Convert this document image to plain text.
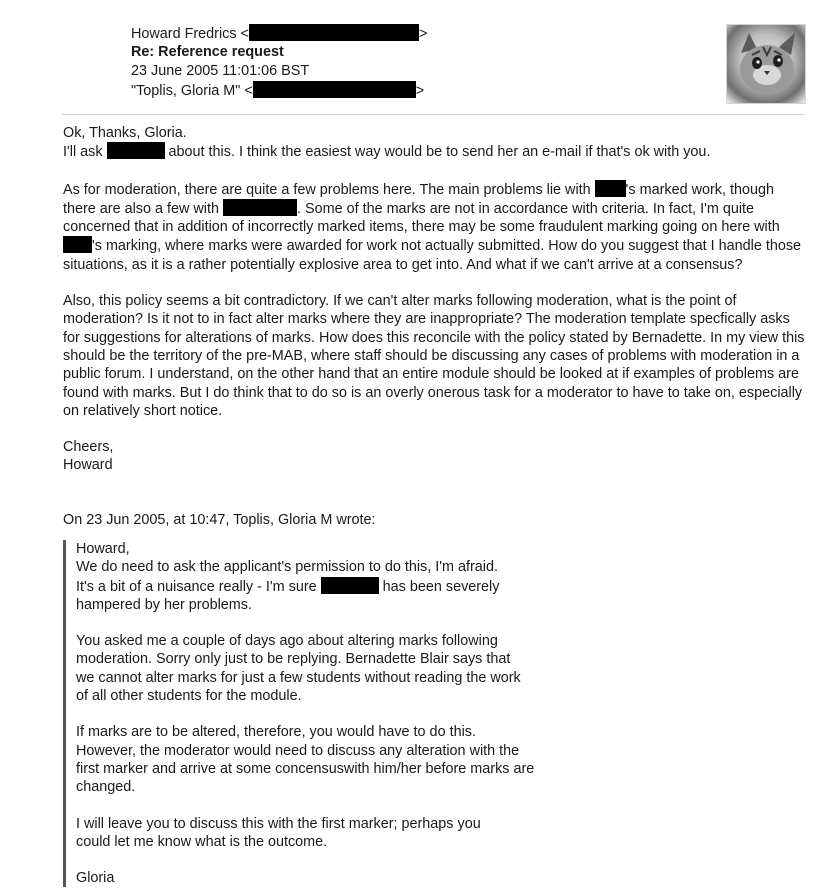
Howard Fredrics <	>
Re: Reference request
23 June 2005 11:01:06 BST
"Toplis, Gloria M" <	>

Ok, Thanks, Gloria.

I'll ask	about this. I think the easiest way would be to send her an e-mail if that's ok with you.

As for moderation, there are quite a few problems here. The main problems lie with 's marked work, though there are also a few with	. Some of the marks are not in accordance with criteria. In fact, I'm quite concerned that in addition of incorrectly marked items, there may be some fraudulent marking going on here with 's marking, where marks were awarded for work not actually submitted. How do you suggest that I handle those situations, as it is a rather potentially explosive area to get into. And what if we can't arrive at a consensus?

Also, this policy seems a bit contradictory. If we can't alter marks following moderation, what is the point of moderation? Is it not to in fact alter marks where they are inappropriate? The moderation template specfically asks for suggestions for alterations of marks. How does this reconcile with the policy stated by Bernadette. In my view this should be the territory of the pre-MAB, where staff should be discussing any cases of problems with moderation in a public forum. I understand, on the other hand that an entire module should be looked at if examples of problems are found with marks. But I do think that to do so is an overly onerous task for a moderator to have to take on, especially on relatively short notice.

Cheers,

Howard

On 23 Jun 2005, at 10:47, Toplis, Gloria M wrote:

Howard,

We do need to ask the applicant's permission to do this, I'm afraid.

It's a bit of a nuisance really - I'm sure	has been severely

hampered by her problems.

You asked me a couple of days ago about altering marks following

moderation. Sorry only just to be replying. Bernadette Blair says that

we cannot alter marks for just a few students without reading the work

of all other students for the module.

If marks are to be altered, therefore, you would have to do this.

However, the moderator would need to discuss any alteration with the

first marker and arrive at some concensuswith him/her before marks are

changed.

I will leave you to discuss this with the first marker; perhaps you

could let me know what is the outcome.

Gloria
